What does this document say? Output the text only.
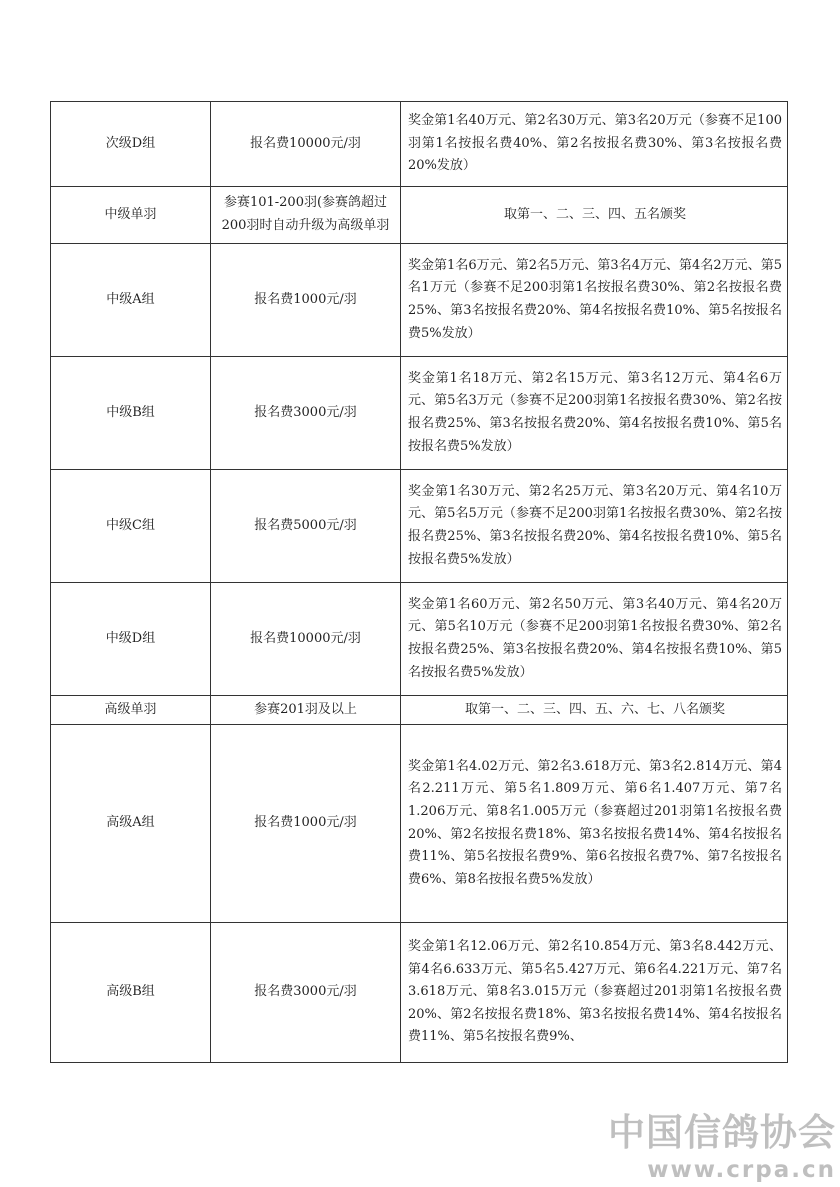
次级D组	报名费10000元/羽	奖金第1名40万元、第2名30万元、第3名20万元（参赛不足100羽第1名按报名费40%、第2名按报名费30%、第3名按报名费20%发放）
中级单羽	参赛101-200羽(参赛鸽超过200羽时自动升级为高级单羽	取第一、二、三、四、五名颁奖
中级A组	报名费1000元/羽	奖金第1名6万元、第2名5万元、第3名4万元、第4名2万元、第5名1万元（参赛不足200羽第1名按报名费30%、第2名按报名费25%、第3名按报名费20%、第4名按报名费10%、第5名按报名费5%发放）
中级B组	报名费3000元/羽	奖金第1名18万元、第2名15万元、第3名12万元、第4名6万元、第5名3万元（参赛不足200羽第1名按报名费30%、第2名按报名费25%、第3名按报名费20%、第4名按报名费10%、第5名按报名费5%发放）
中级C组	报名费5000元/羽	奖金第1名30万元、第2名25万元、第3名20万元、第4名10万元、第5名5万元（参赛不足200羽第1名按报名费30%、第2名按报名费25%、第3名按报名费20%、第4名按报名费10%、第5名按报名费5%发放）
中级D组	报名费10000元/羽	奖金第1名60万元、第2名50万元、第3名40万元、第4名20万元、第5名10万元（参赛不足200羽第1名按报名费30%、第2名按报名费25%、第3名按报名费20%、第4名按报名费10%、第5名按报名费5%发放）
高级单羽	参赛201羽及以上	取第一、二、三、四、五、六、七、八名颁奖
高级A组	报名费1000元/羽	奖金第1名4.02万元、第2名3.618万元、第3名2.814万元、第4名2.211万元、第5名1.809万元、第6名1.407万元、第7名1.206万元、第8名1.005万元（参赛超过201羽第1名按报名费20%、第2名按报名费18%、第3名按报名费14%、第4名按报名费11%、第5名按报名费9%、第6名按报名费7%、第7名按报名费6%、第8名按报名费5%发放）
高级B组	报名费3000元/羽	奖金第1名12.06万元、第2名10.854万元、第3名8.442万元、第4名6.633万元、第5名5.427万元、第6名4.221万元、第7名3.618万元、第8名3.015万元（参赛超过201羽第1名按报名费20%、第2名按报名费18%、第3名按报名费14%、第4名按报名费11%、第5名按报名费9%、
中国信鸽协会
www.crpa.cn
